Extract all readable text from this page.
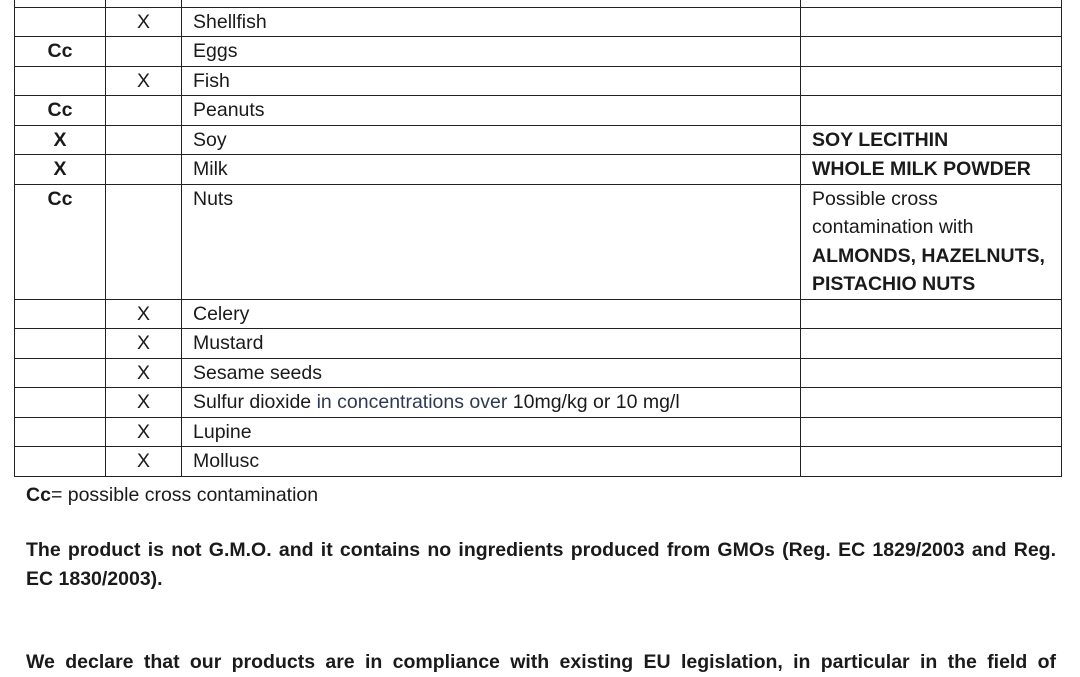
	X	Shellfish	
Cc		Eggs	
	X	Fish	
Cc		Peanuts	
X		Soy	SOY LECITHIN
X		Milk	WHOLE MILK POWDER
Cc		Nuts	Possible cross contamination with ALMONDS, HAZELNUTS, PISTACHIO NUTS
	X	Celery	
	X	Mustard	
	X	Sesame seeds	
	X	Sulfur dioxide in concentrations over 10mg/kg or 10 mg/l	
	X	Lupine	
	X	Mollusc	
Cc= possible cross contamination
The product is not G.M.O. and it contains no ingredients produced from GMOs (Reg. EC 1829/2003 and Reg. EC 1830/2003).
We declare that our products are in compliance with existing EU legislation, in particular in the field of
